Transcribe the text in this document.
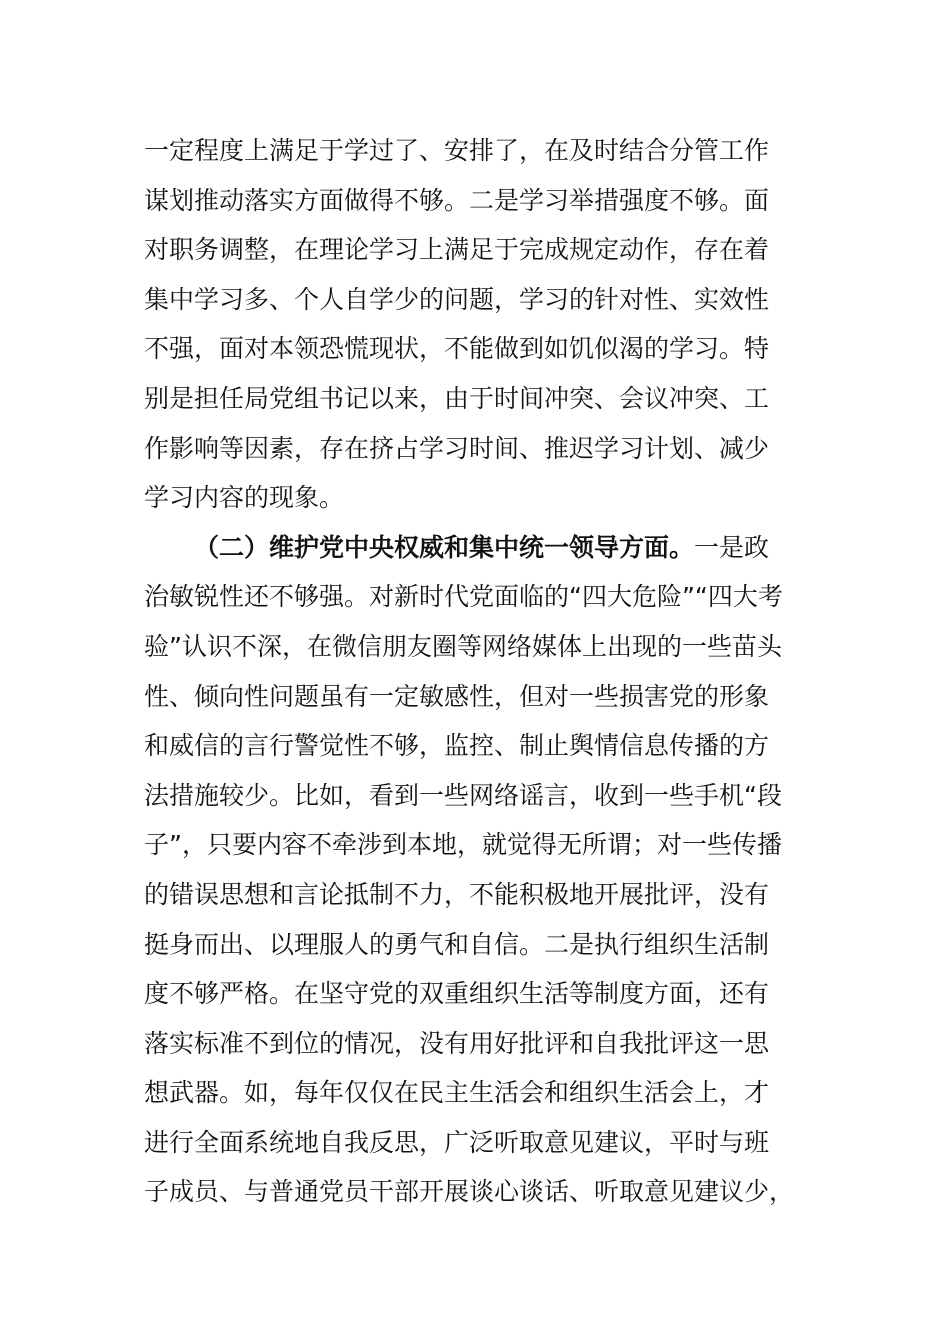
一定程度上满足于学过了、安排了，在及时结合分管工作
谋划推动落实方面做得不够。二是学习举措强度不够。面
对职务调整，在理论学习上满足于完成规定动作，存在着
集中学习多、个人自学少的问题，学习的针对性、实效性
不强，面对本领恐慌现状，不能做到如饥似渴的学习。特
别是担任局党组书记以来，由于时间冲突、会议冲突、工
作影响等因素，存在挤占学习时间、推迟学习计划、减少
学习内容的现象。
（二）维护党中央权威和集中统一领导方面。一是政
治敏锐性还不够强。对新时代党面临的“四大危险”“四大考
验”认识不深，在微信朋友圈等网络媒体上出现的一些苗头
性、倾向性问题虽有一定敏感性，但对一些损害党的形象
和威信的言行警觉性不够，监控、制止舆情信息传播的方
法措施较少。比如，看到一些网络谣言，收到一些手机“段
子”，只要内容不牵涉到本地，就觉得无所谓；对一些传播
的错误思想和言论抵制不力，不能积极地开展批评，没有
挺身而出、以理服人的勇气和自信。二是执行组织生活制
度不够严格。在坚守党的双重组织生活等制度方面，还有
落实标准不到位的情况，没有用好批评和自我批评这一思
想武器。如，每年仅仅在民主生活会和组织生活会上，才
进行全面系统地自我反思，广泛听取意见建议，平时与班
子成员、与普通党员干部开展谈心谈话、听取意见建议少，
